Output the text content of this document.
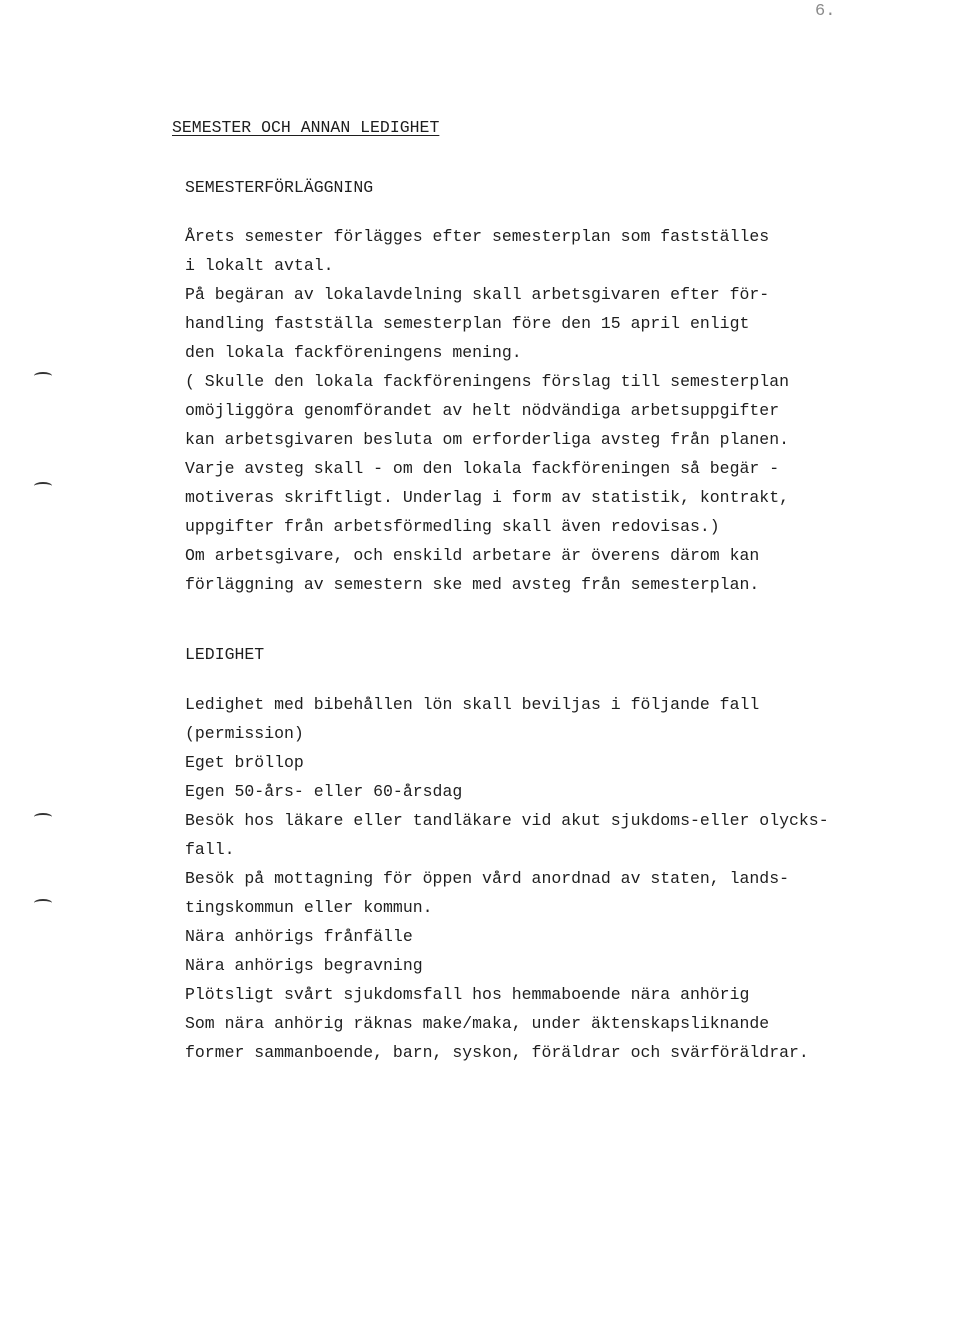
6.
SEMESTER OCH ANNAN LEDIGHET
SEMESTERFÖRLÄGGNING
Årets semester förlägges efter semesterplan som fastställes
i lokalt avtal.
På begäran av lokalavdelning skall arbetsgivaren efter för-
handling fastställa semesterplan före den 15 april enligt
den lokala fackföreningens mening.
( Skulle den lokala fackföreningens förslag till semesterplan
omöjliggöra genomförandet av helt nödvändiga arbetsuppgifter
kan arbetsgivaren besluta om erforderliga avsteg från planen.
Varje avsteg skall - om den lokala fackföreningen så begär -
motiveras skriftligt. Underlag i form av statistik, kontrakt,
uppgifter från arbetsförmedling skall även redovisas.)
Om arbetsgivare, och enskild arbetare är överens därom kan
förläggning av semestern ske med avsteg från semesterplan.
LEDIGHET
Ledighet med bibehållen lön skall beviljas i följande fall
(permission)
Eget bröllop
Egen 50-års- eller 60-årsdag
Besök hos läkare eller tandläkare vid akut sjukdoms-eller olycks-
fall.
Besök på mottagning för öppen vård anordnad av staten, lands-
tingskommun eller kommun.
Nära anhörigs frånfälle
Nära anhörigs begravning
Plötsligt svårt sjukdomsfall hos hemmaboende nära anhörig
Som nära anhörig räknas make/maka, under äktenskapsliknande
former sammanboende, barn, syskon, föräldrar och svärföräldrar.
